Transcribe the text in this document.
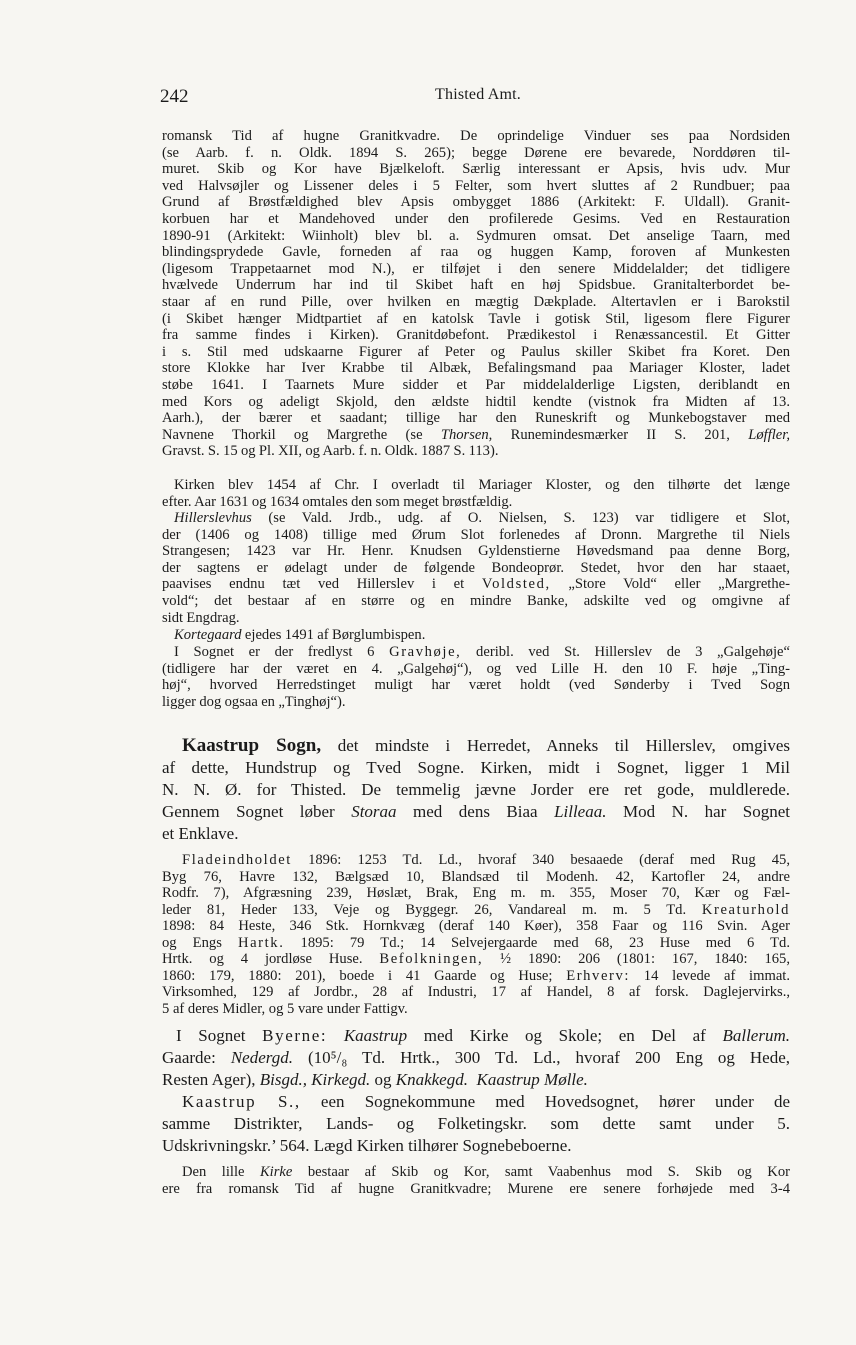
242	Thisted Amt.

romansk Tid af hugne Granitkvadre. De oprindelige Vinduer ses paa Nordsiden

(se Aarb. f. n. Oldk. 1894 S. 265); begge Dørene ere bevarede, Norddøren til-

muret. Skib og Kor have Bjælkeloft. Særlig interessant er Apsis, hvis udv. Mur

ved Halvsøjler og Lissener deles i 5 Felter, som hvert sluttes af 2 Rundbuer; paa

Grund af Brøstfældighed blev Apsis ombygget 1886 (Arkitekt: F. Uldall). Granit-

korbuen har et Mandehoved under den profilerede Gesims. Ved en Restauration

1890-91 (Arkitekt: Wiinholt) blev bl. a. Sydmuren omsat. Det anselige Taarn, med

blindingsprydede Gavle, forneden af raa og huggen Kamp, foroven af Munkesten

(ligesom Trappetaarnet mod N.), er tilføjet i den senere Middelalder; det tidligere

hvælvede Underrum har ind til Skibet haft en høj Spidsbue. Granitalterbordet be-

staar af en rund Pille, over hvilken en mægtig Dækplade. Altertavlen er i Barokstil

(i Skibet hænger Midtpartiet af en katolsk Tavle i gotisk Stil, ligesom flere Figurer

fra samme findes i Kirken). Granitdøbefont. Prædikestol i Renæssancestil. Et Gitter

i s. Stil med udskaarne Figurer af Peter og Paulus skiller Skibet fra Koret. Den

store Klokke har Iver Krabbe til Albæk, Befalingsmand paa Mariager Kloster, ladet

støbe 1641. I Taarnets Mure sidder et Par middelalderlige Ligsten, deriblandt en

med Kors og adeligt Skjold, den ældste hidtil kendte (vistnok fra Midten af 13.

Aarh.), der bærer et saadant; tillige har den Runeskrift og Munkebogstaver med

Navnene Thorkil og Margrethe (se Thorsen, Runemindesmærker II S. 201, Løffler,

Gravst. S. 15 og Pl. XII, og Aarb. f. n. Oldk. 1887 S. 113).

Kirken blev 1454 af Chr. I overladt til Mariager Kloster, og den tilhørte det længe

efter. Aar 1631 og 1634 omtales den som meget brøstfældig.

Hillerslevhus (se Vald. Jrdb., udg. af O. Nielsen, S. 123) var tidligere et Slot,

der (1406 og 1408) tillige med Ørum Slot forlenedes af Dronn. Margrethe til Niels

Strangesen; 1423 var Hr. Henr. Knudsen Gyldenstierne Høvedsmand paa denne Borg,

der sagtens er ødelagt under de følgende Bondeoprør. Stedet, hvor den har staaet,

paavises endnu tæt ved Hillerslev i et Voldsted, „Store Vold“ eller „Margrethe-

vold“; det bestaar af en større og en mindre Banke, adskilte ved og omgivne af

sidt Engdrag.

Kortegaard ejedes 1491 af Børglumbispen.

I Sognet er der fredlyst 6 Gravhøje, deribl. ved St. Hillerslev de 3 „Galgehøje“

(tidligere har der været en 4. „Galgehøj“), og ved Lille H. den 10 F. høje „Ting-

høj“, hvorved Herredstinget muligt har været holdt (ved Sønderby i Tved Sogn

ligger dog ogsaa en „Tinghøj“).

Kaastrup Sogn, det mindste i Herredet, Anneks til Hillerslev, omgives

af dette, Hundstrup og Tved Sogne. Kirken, midt i Sognet, ligger 1 Mil

N. N. Ø. for Thisted. De temmelig jævne Jorder ere ret gode, muldlerede.

Gennem Sognet løber Storaa med dens Biaa Lilleaa. Mod N. har Sognet

et Enklave.

Fladeindholdet 1896: 1253 Td. Ld., hvoraf 340 besaaede (deraf med Rug 45,

Byg 76, Havre 132, Bælgsæd 10, Blandsæd til Modenh. 42, Kartofler 24, andre

Rodfr. 7), Afgræsning 239, Høslæt, Brak, Eng m. m. 355, Moser 70, Kær og Fæl-

leder 81, Heder 133, Veje og Byggegr. 26, Vandareal m. m. 5 Td. Kreaturhold

1898: 84 Heste, 346 Stk. Hornkvæg (deraf 140 Køer), 358 Faar og 116 Svin. Ager

og Engs Hartk. 1895: 79 Td.; 14 Selvejergaarde med 68, 23 Huse med 6 Td.

Hrtk. og 4 jordløse Huse. Befolkningen, ½ 1890: 206 (1801: 167, 1840: 165,

1860: 179, 1880: 201), boede i 41 Gaarde og Huse; Erhverv: 14 levede af immat.

Virksomhed, 129 af Jordbr., 28 af Industri, 17 af Handel, 8 af forsk. Daglejervirks.,

5 af deres Midler, og 5 vare under Fattigv.

I Sognet Byerne: Kaastrup med Kirke og Skole; en Del af Ballerum.

Gaarde: Nedergd. (10⁵/₈ Td. Hrtk., 300 Td. Ld., hvoraf 200 Eng og Hede,

Resten Ager), Bisgd., Kirkegd. og Knakkegd. Kaastrup Mølle.

Kaastrup S., een Sognekommune med Hovedsognet, hører under de

samme Distrikter, Lands- og Folketingskr. som dette samt under 5.

Udskrivningskr.’ 564. Lægd Kirken tilhører Sognebeboerne.

Den lille Kirke bestaar af Skib og Kor, samt Vaabenhus mod S. Skib og Kor

ere fra romansk Tid af hugne Granitkvadre; Murene ere senere forhøjede med 3-4
